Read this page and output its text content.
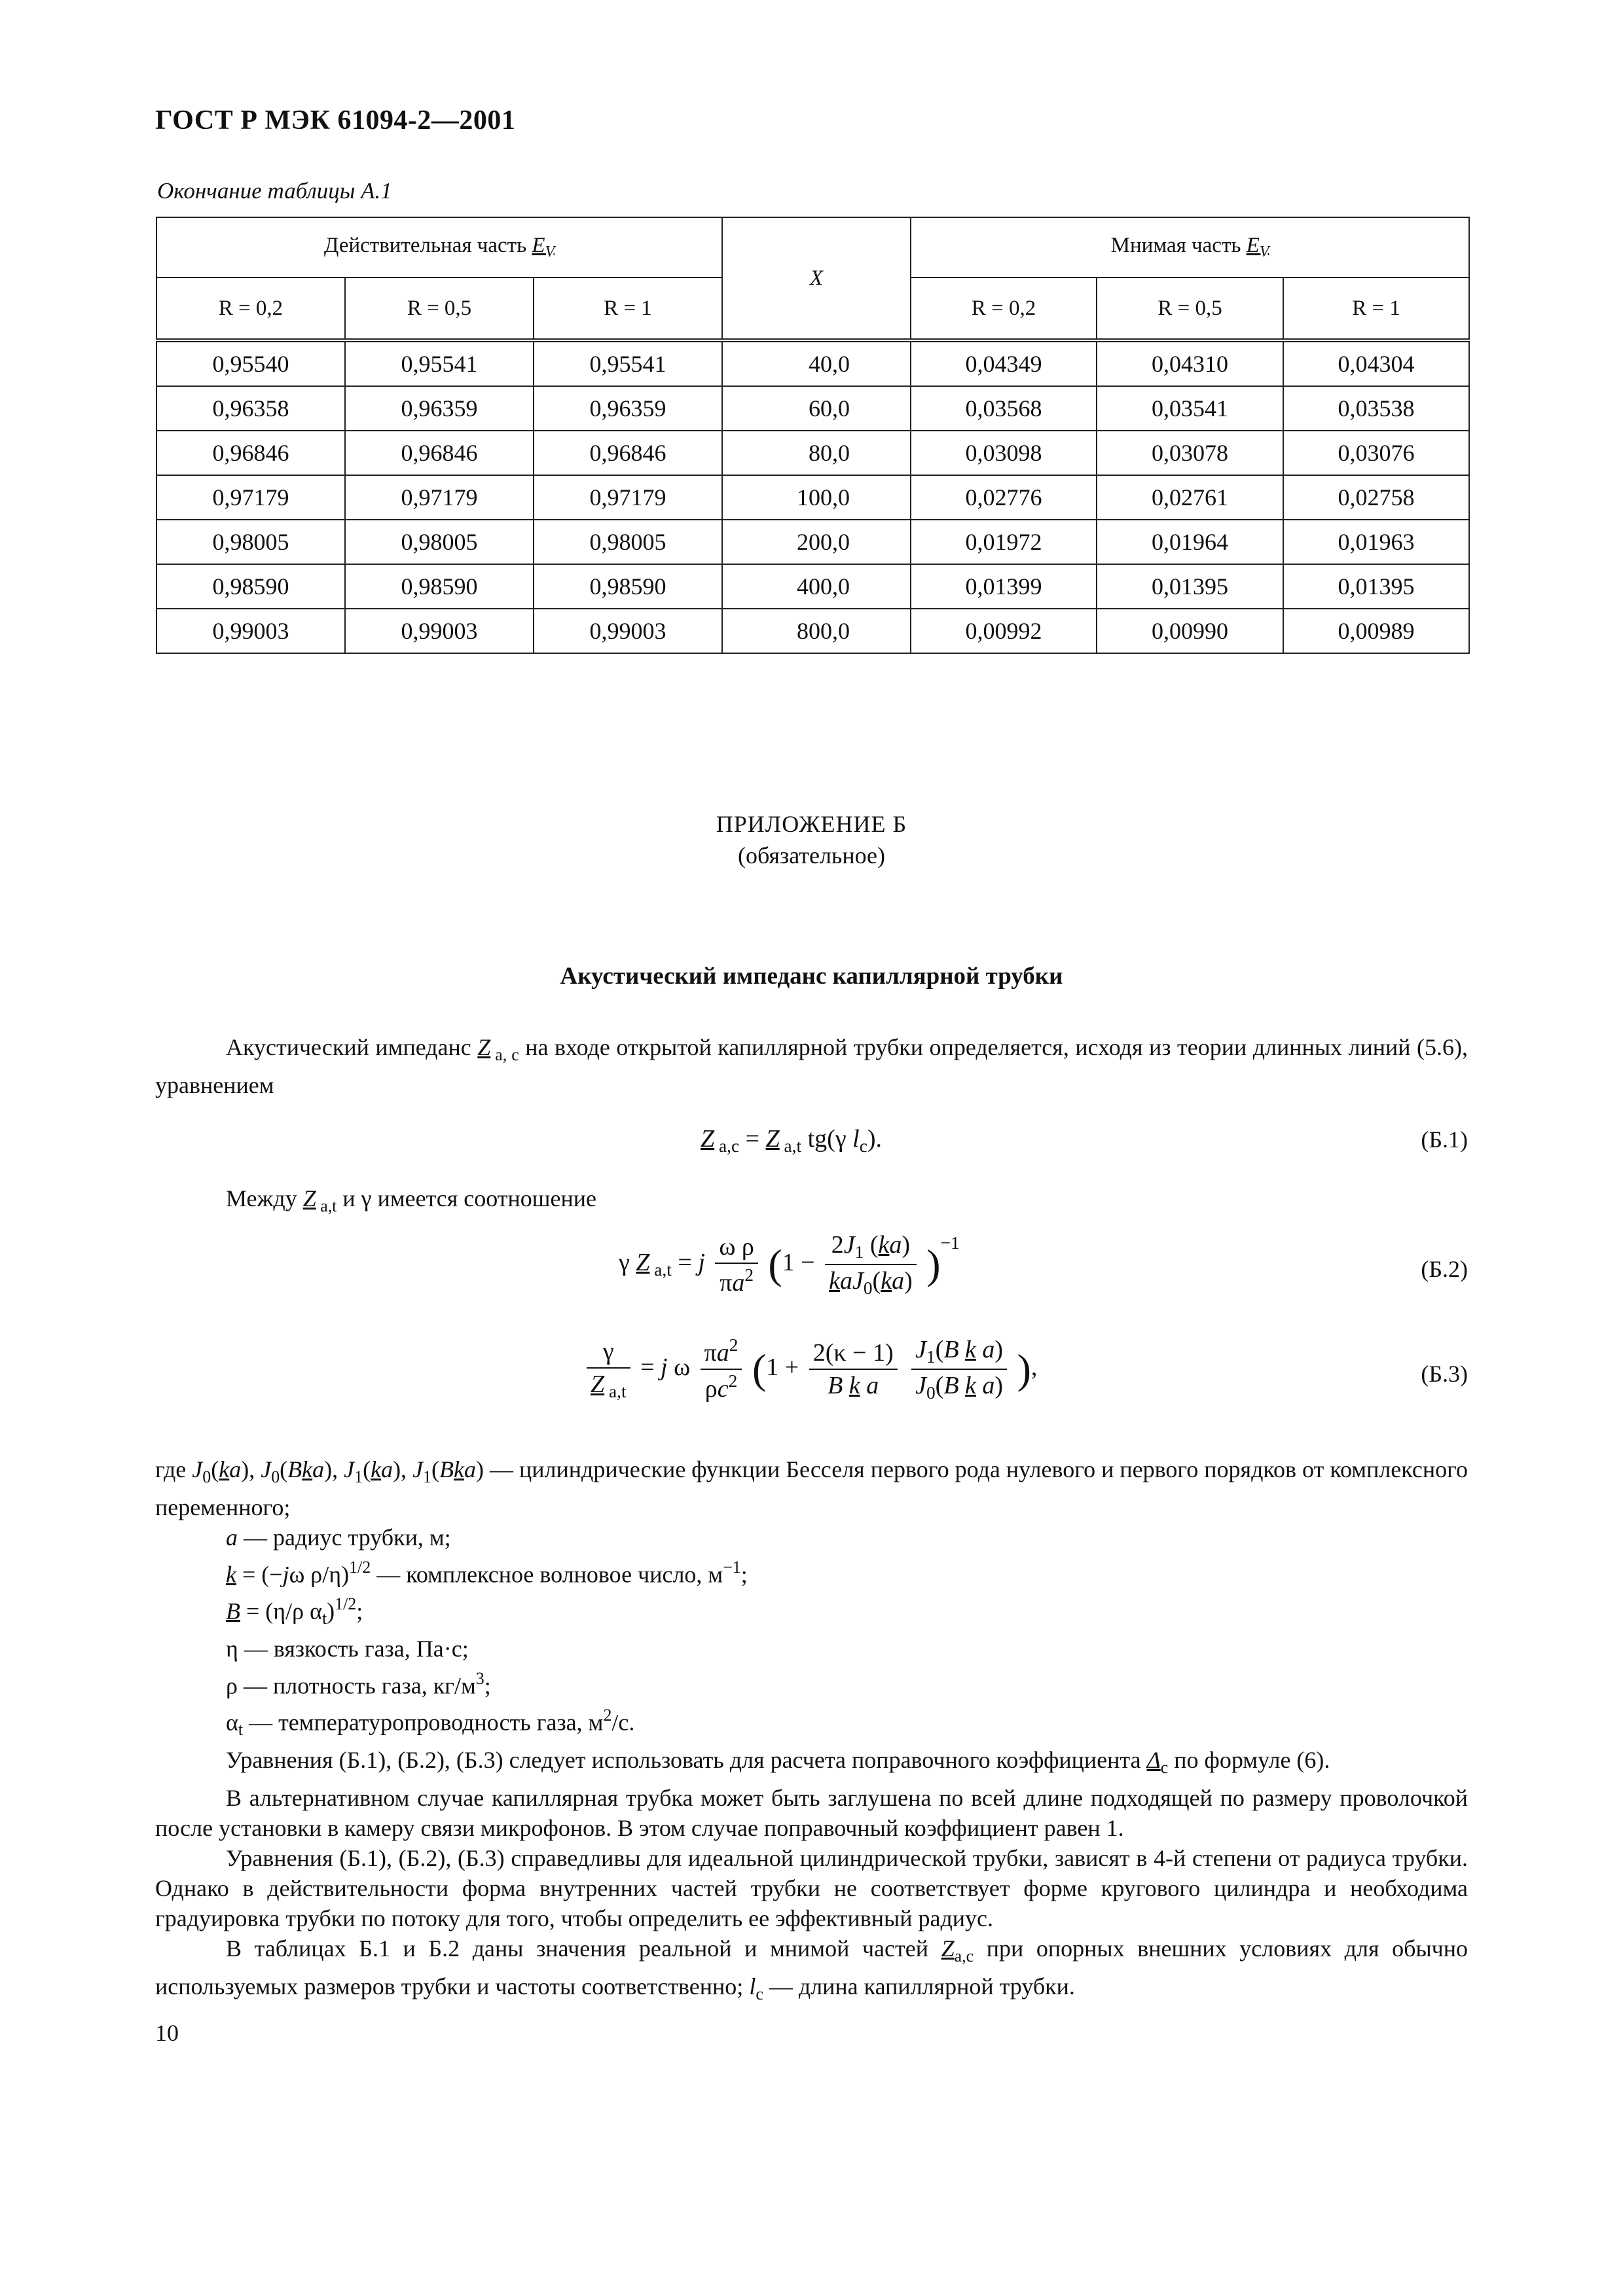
ГОСТ Р МЭК 61094-2—2001
Окончание таблицы А.1
Действительная часть $E_V$			X	Мнимая часть $E_V$
R = 0,2	R = 0,5	R = 1		R = 0,2	R = 0,5	R = 1
0,95540	0,95541	0,95541	40,0	0,04349	0,04310	0,04304
0,96358	0,96359	0,96359	60,0	0,03568	0,03541	0,03538
0,96846	0,96846	0,96846	80,0	0,03098	0,03078	0,03076
0,97179	0,97179	0,97179	100,0	0,02776	0,02761	0,02758
0,98005	0,98005	0,98005	200,0	0,01972	0,01964	0,01963
0,98590	0,98590	0,98590	400,0	0,01399	0,01395	0,01395
0,99003	0,99003	0,99003	800,0	0,00992	0,00990	0,00989
ПРИЛОЖЕНИЕ Б
(обязательное)
Акустический импеданс капиллярной трубки

Акустический импеданс Z $_{a, c}$ на входе открытой капиллярной трубки определяется, исходя из теории длинных линий (5.6), уравнением

Z $_{a,c}$ = Z $_{a,t}$ tg(γ $l_c$).	(Б.1)

Между Z $_{a,t}$ и γ имеется соотношение

γ Z $_{a,t}$ = j $\frac{\text{ω ρ}}{\pi a^2} (1 - \frac{2J_1 (ka)}{kaJ_0(ka)} )^{-1}$
(Б.2)
$\frac{\gamma}{Z _{a,t}} = j$ ω $\frac{\pi a^2}{\rho c^2} (1 + \frac{2(\kappa - 1)}{\text{B k a}}$
$\frac{J_1(B k a)}{J_0(B k a)}$ ),	(Б.3)

где $J_0(ka)$, $J_0(Bka)$, $J_1(ka)$, $J_1(Bka)$ — цилиндрические функции Бесселя первого рода нулевого и первого порядков от комплексного переменного;

a — радиус трубки, м;

k = (−jω ρ/η)$^{1/2}$ — комплексное волновое число, $м^{-1}$;

B = (η/ρ $\alpha_t)^{1/2}$;

η — вязкость газа, Па·с;

ρ — плотность газа, $кг/м^3$;

$\alpha_t$ — температуропроводность газа, $м^2/с$.

Уравнения (Б.1), (Б.2), (Б.3) следует использовать для расчета поправочного коэффициента $\Delta_c$ по формуле (6).

В альтернативном случае капиллярная трубка может быть заглушена по всей длине подходящей по размеру проволочкой после установки в камеру связи микрофонов. В этом случае поправочный коэффициент равен 1.

Уравнения (Б.1), (Б.2), (Б.3) справедливы для идеальной цилиндрической трубки, зависят в 4-й степени от радиуса трубки. Однако в действительности форма внутренних частей трубки не соответствует форме кругового цилиндра и необходима градуировка трубки по потоку для того, чтобы определить ее эффективный радиус.

В таблицах Б.1 и Б.2 даны значения реальной и мнимой частей $Z_{a,c}$ при опорных внешних условиях для обычно используемых размеров трубки и частоты соответственно; $l_c$ — длина капиллярной трубки.

10
